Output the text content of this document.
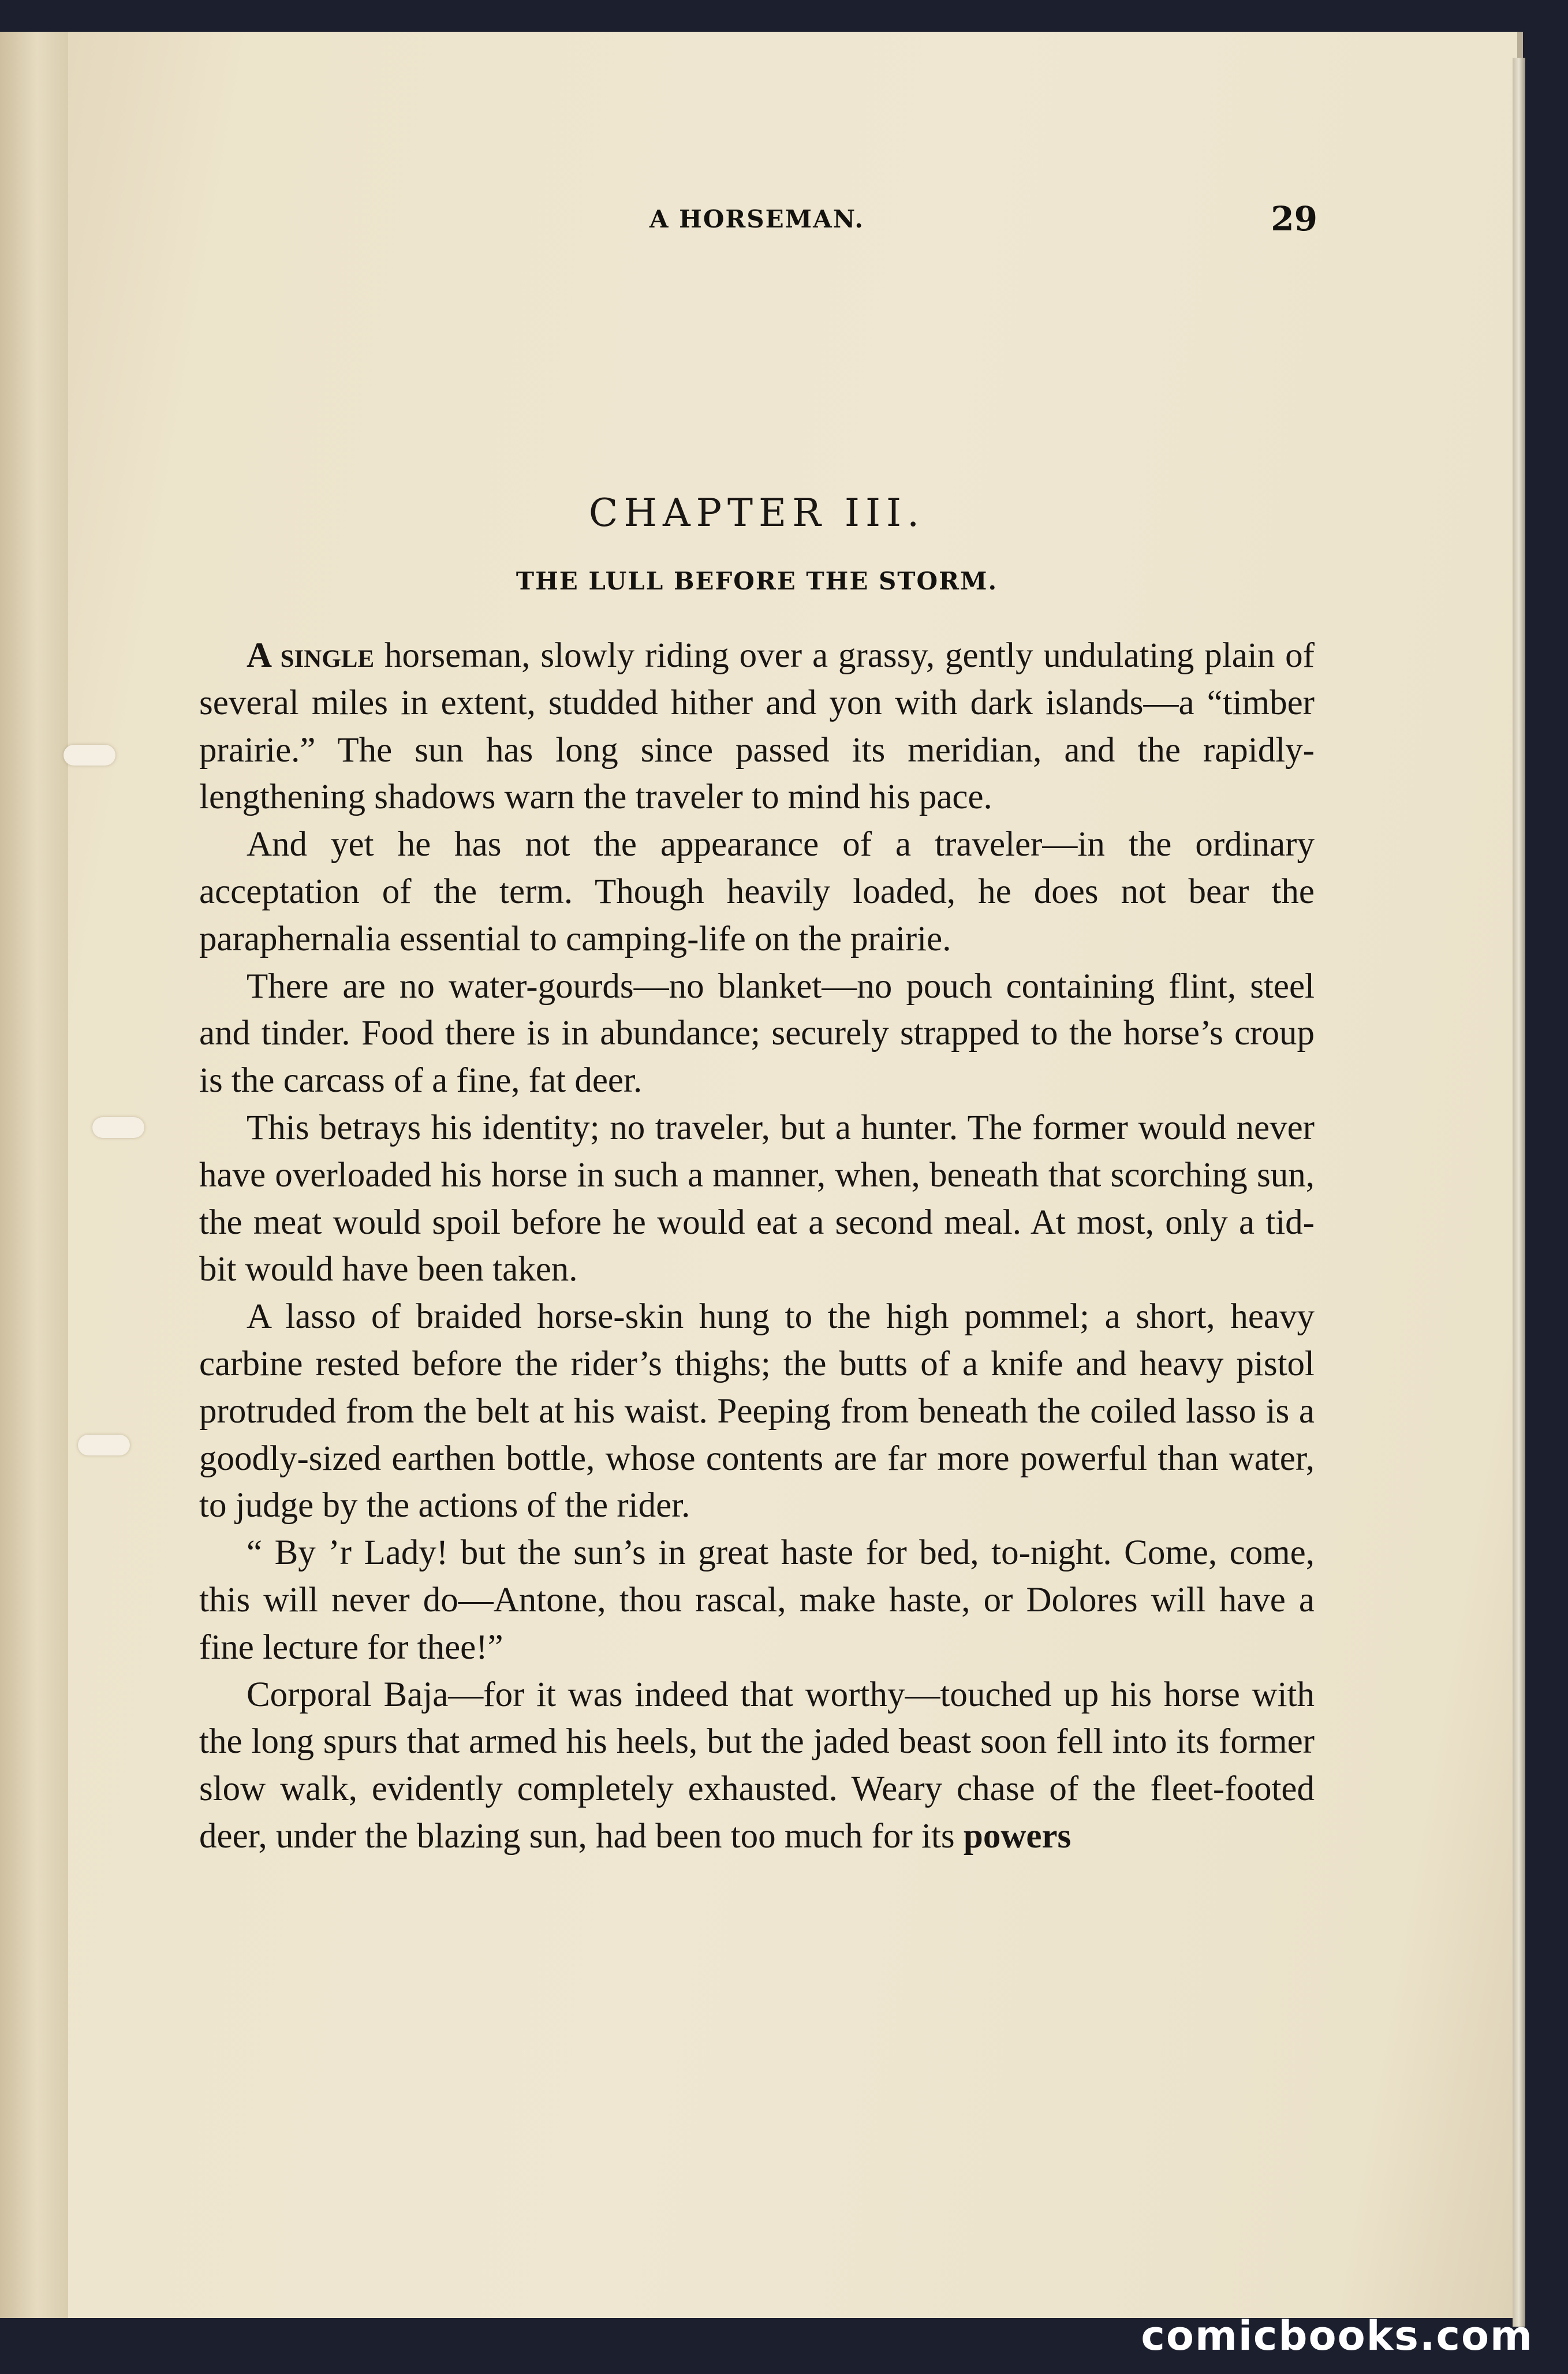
A HORSEMAN.	29
CHAPTER III.
THE LULL BEFORE THE STORM.

A single horseman, slowly riding over a grassy, gently undulating plain of several miles in extent, studded hither and yon with dark islands—a “timber prairie.” The sun has long since passed its meridian, and the rapidly-lengthening shadows warn the traveler to mind his pace.

And yet he has not the appearance of a traveler—in the ordinary acceptation of the term. Though heavily loaded, he does not bear the paraphernalia essential to camping-life on the prairie.

There are no water-gourds—no blanket—no pouch containing flint, steel and tinder. Food there is in abundance; securely strapped to the horse’s croup is the carcass of a fine, fat deer.

This betrays his identity; no traveler, but a hunter. The former would never have overloaded his horse in such a manner, when, beneath that scorching sun, the meat would spoil before he would eat a second meal. At most, only a tid-bit would have been taken.

A lasso of braided horse-skin hung to the high pommel; a short, heavy carbine rested before the rider’s thighs; the butts of a knife and heavy pistol protruded from the belt at his waist. Peeping from beneath the coiled lasso is a goodly-sized earthen bottle, whose contents are far more powerful than water, to judge by the actions of the rider.

“ By ’r Lady! but the sun’s in great haste for bed, to-night. Come, come, this will never do—Antone, thou rascal, make haste, or Dolores will have a fine lecture for thee!”

Corporal Baja—for it was indeed that worthy—touched up his horse with the long spurs that armed his heels, but the jaded beast soon fell into its former slow walk, evidently completely exhausted. Weary chase of the fleet-footed deer, under the blazing sun, had been too much for its powers

comicbooks.com
